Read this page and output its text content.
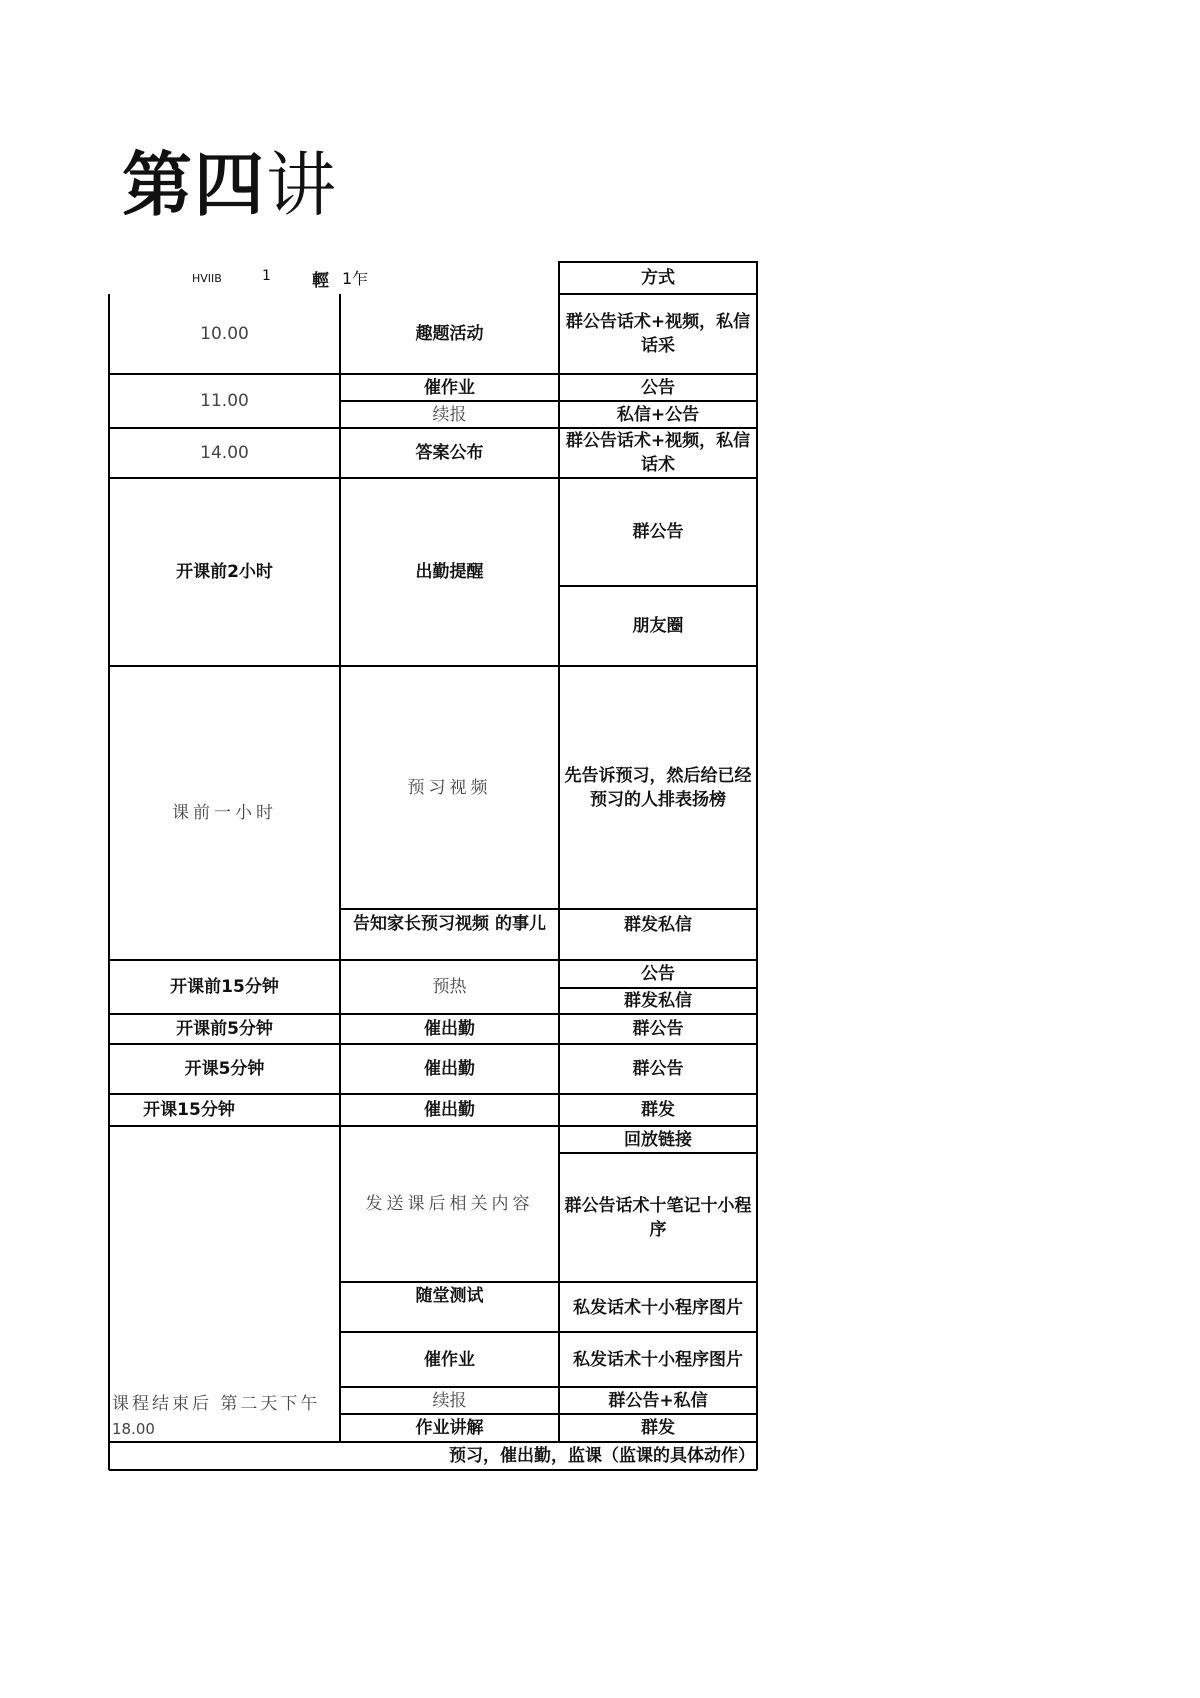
第四讲
HVIIB	1 輕 1乍	方式
10.00
11.00
14.00
开课前2小时
课前一小时
开课前15分钟
开课前5分钟
开课5分钟
开课15分钟
课程结束后 第二天下午
18.00
趣题活动
催作业
续报
答案公布
出勤提醒
预习视频
告知家长预习视频 的事儿
预热
催出勤
催出勤
催出勤
发送课后相关内容
随堂测试
催作业
续报
作业讲解
群公告话术+视频，私信话采
公告
私信+公告
群公告话术+视频，私信话术
群公告
朋友圈
先告诉预习，然后给已经预习的人排表扬榜
群发私信
公告
群发私信
群公告
群公告
群发
回放链接
群公告话术十笔记十小程序
私发话术十小程序图片
私发话术十小程序图片
群公告+私信
群发
预习，催出勤，监课（监课的具体动作）
